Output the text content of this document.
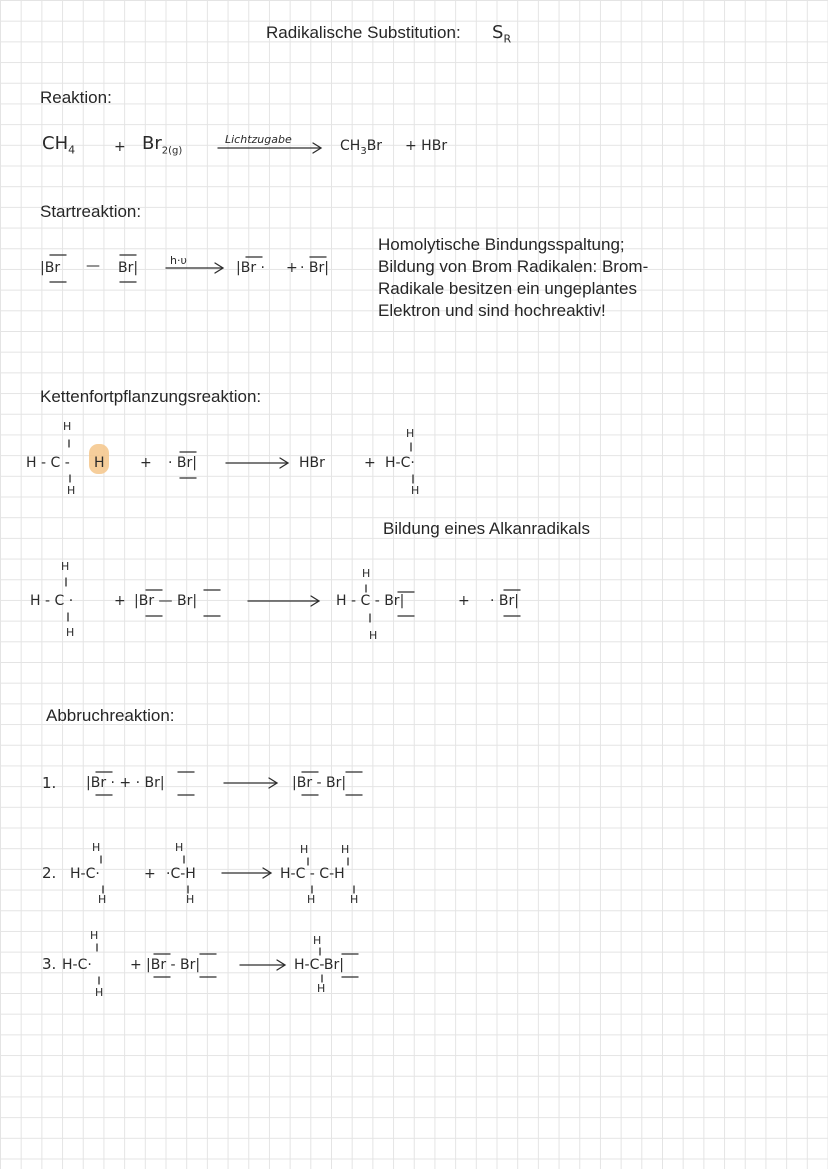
Radikalische Substitution: $S_R$
Reaktion:
$CH_4$	+ $Br_{2(g)}$
Lichtzugabe	$CH_3Br$ + HBr
Startreaktion:
|Br — Br|	h·υ	|Br · + · Br|
Homolytische Bindungsspaltung; Bildung von Brom Radikalen: Brom- Radikale besitzen ein ungeplantes Elektron und sind hochreaktiv!
Kettenfortpflanzungsreaktion:
H
H - C - H
H
+ · Br|	HBr	+
H
H-C·
H
Bildung eines Alkanradikals
H
H - C ·
H
+ |Br — Br|
H
H - C - Br|
H
+ · Br|
Abbruchreaktion:
1. |Br · + · Br|	|Br - Br|
2.
H
H
H-C·	+
H
H
·C-H
H	H
H	H
H-C - C-H
3.
H
H
H-C·	+ |Br - Br|
H
H
H-C-Br|
